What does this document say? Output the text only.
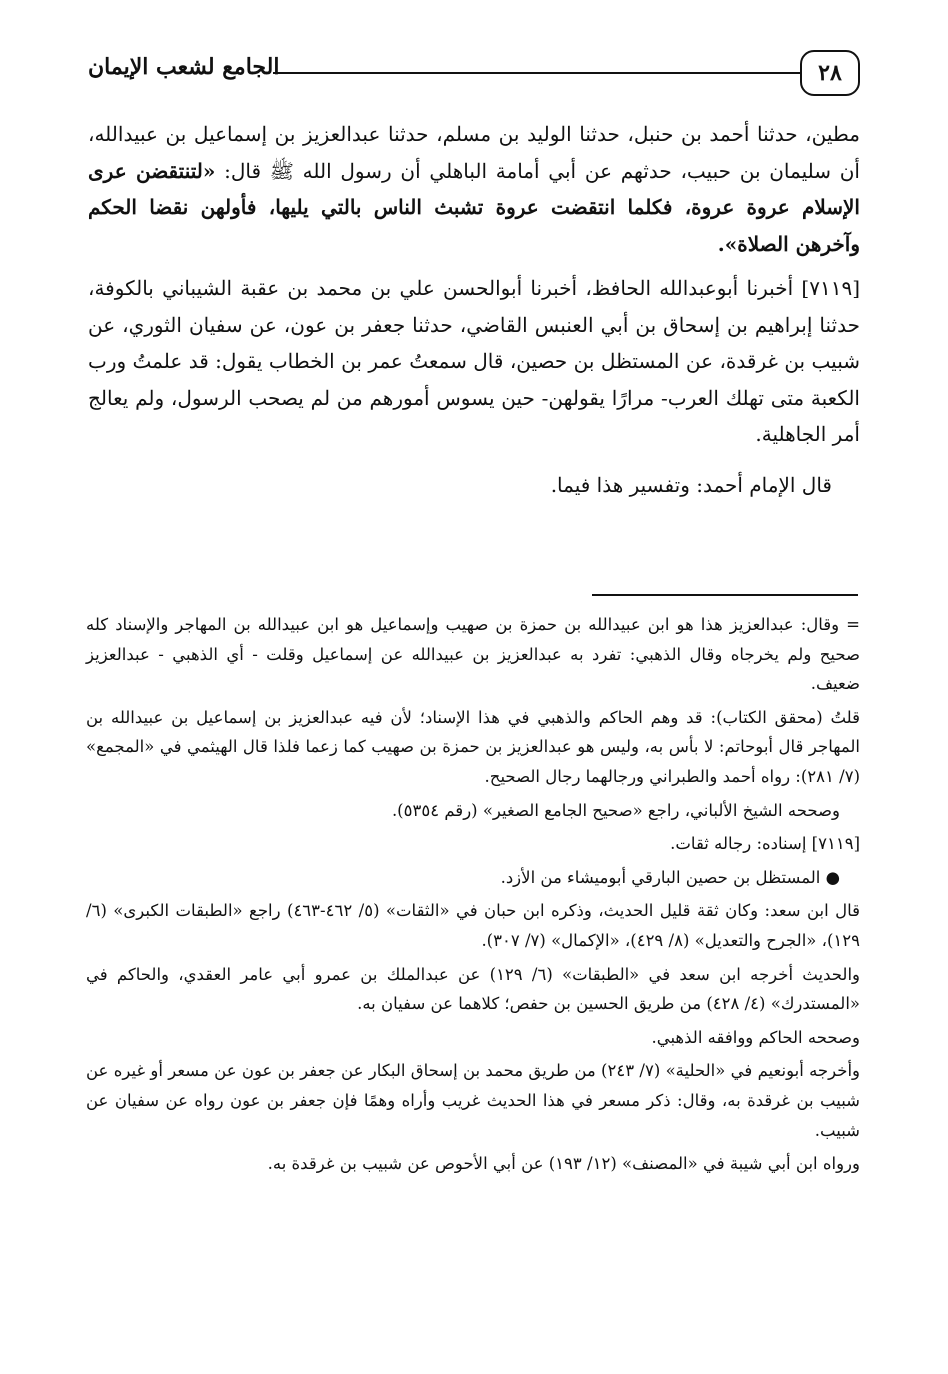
٢٨
الجامع لشعب الإيمان

مطين، حدثنا أحمد بن حنبل، حدثنا الوليد بن مسلم، حدثنا عبدالعزيز بن إسماعيل بن عبيدالله، أن سليمان بن حبيب، حدثهم عن أبي أمامة الباهلي أن رسول الله ﷺ قال: «لتنتقضن عرى الإسلام عروة عروة، فكلما انتقضت عروة تشبث الناس بالتي يليها، فأولهن نقضا الحكم وآخرهن الصلاة».

[٧١١٩] أخبرنا أبوعبدالله الحافظ، أخبرنا أبوالحسن علي بن محمد بن عقبة الشيباني بالكوفة، حدثنا إبراهيم بن إسحاق بن أبي العنبس القاضي، حدثنا جعفر بن عون، عن سفيان الثوري، عن شبيب بن غرقدة، عن المستظل بن حصين، قال سمعتُ عمر بن الخطاب يقول: قد علمتُ ورب الكعبة متى تهلك العرب- مرارًا يقولهن- حين يسوس أمورهم من لم يصحب الرسول، ولم يعالج أمر الجاهلية.

قال الإمام أحمد: وتفسير هذا فيما.

= وقال: عبدالعزيز هذا هو ابن عبيدالله بن حمزة بن صهيب وإسماعيل هو ابن عبيدالله بن المهاجر والإسناد كله صحيح ولم يخرجاه وقال الذهبي: تفرد به عبدالعزيز بن عبيدالله عن إسماعيل وقلت - أي الذهبي - عبدالعزيز ضعيف.

قلتُ (محقق الكتاب): قد وهم الحاكم والذهبي في هذا الإسناد؛ لأن فيه عبدالعزيز بن إسماعيل بن عبيدالله بن المهاجر قال أبوحاتم: لا بأس به، وليس هو عبدالعزيز بن حمزة بن صهيب كما زعما فلذا قال الهيثمي في «المجمع» (٧/ ٢٨١): رواه أحمد والطبراني ورجالهما رجال الصحيح.

وصححه الشيخ الألباني، راجع «صحيح الجامع الصغير» (رقم ٥٣٥٤).

[٧١١٩] إسناده: رجاله ثقات.

● المستظل بن حصين البارقي أبوميشاء من الأزد.

قال ابن سعد: وكان ثقة قليل الحديث، وذكره ابن حبان في «الثقات» (٥/ ٤٦٢-٤٦٣) راجع «الطبقات الكبرى» (٦/ ١٢٩)، «الجرح والتعديل» (٨/ ٤٢٩)، «الإكمال» (٧/ ٣٠٧).

والحديث أخرجه ابن سعد في «الطبقات» (٦/ ١٢٩) عن عبدالملك بن عمرو أبي عامر العقدي، والحاكم في «المستدرك» (٤/ ٤٢٨) من طريق الحسين بن حفص؛ كلاهما عن سفيان به.

وصححه الحاكم ووافقه الذهبي.

وأخرجه أبونعيم في «الحلية» (٧/ ٢٤٣) من طريق محمد بن إسحاق البكار عن جعفر بن عون عن مسعر أو غيره عن شبيب بن غرقدة به، وقال: ذكر مسعر في هذا الحديث غريب وأراه وهمًا فإن جعفر بن عون رواه عن سفيان عن شبيب.

ورواه ابن أبي شيبة في «المصنف» (١٢/ ١٩٣) عن أبي الأحوص عن شبيب بن غرقدة به.
